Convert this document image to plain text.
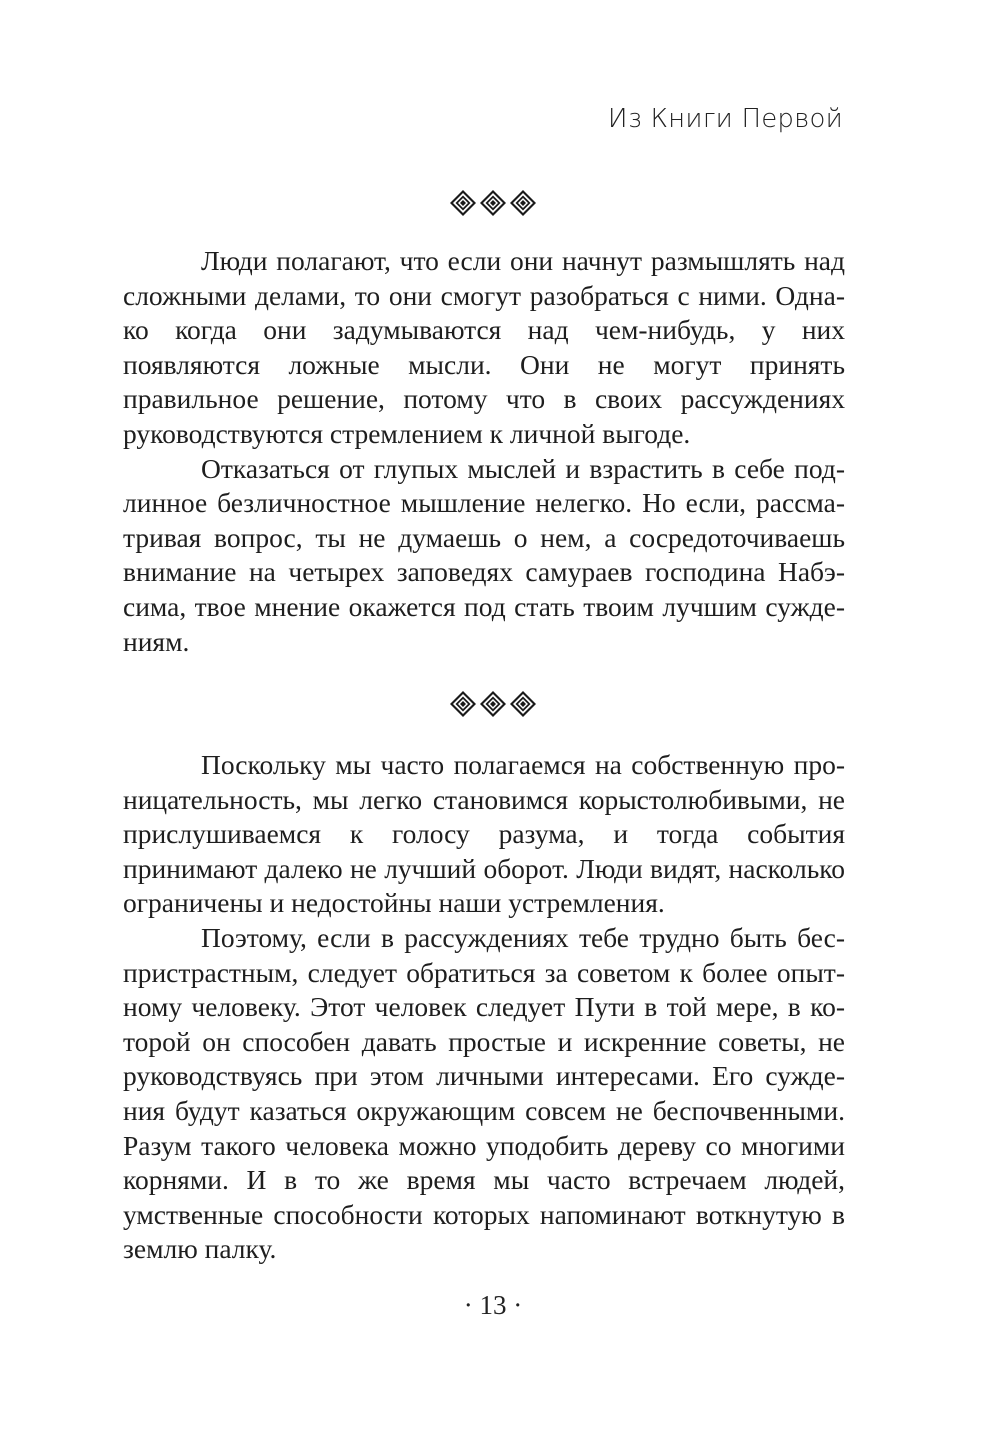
Из Книги Первой

Люди полагают, что если они начнут размышлять над сложными делами, то они смогут разобраться с ними. Однако когда они задумываются над чем-нибудь, у них появляются ложные мысли. Они не могут принять правильное решение, потому что в своих рассуждениях руководствуются стремлением к личной выгоде.

Отказаться от глупых мыслей и взрастить в себе подлинное безличностное мышление нелегко. Но если, рассматривая вопрос, ты не думаешь о нем, а сосредоточиваешь внимание на четырех заповедях самураев господина Набэсима, твое мнение окажется под стать твоим лучшим суждениям.

Поскольку мы часто полагаемся на собственную проницательность, мы легко становимся корыстолюбивыми, не прислушиваемся к голосу разума, и тогда события принимают далеко не лучший оборот. Люди видят, насколько ограничены и недостойны наши устремления.

Поэтому, если в рассуждениях тебе трудно быть беспристрастным, следует обратиться за советом к более опытному человеку. Этот человек следует Пути в той мере, в которой он способен давать простые и искренние советы, не руководствуясь при этом личными интересами. Его суждения будут казаться окружающим совсем не беспочвенными. Разум такого человека можно уподобить дереву со многими корнями. И в то же время мы часто встречаем людей, умственные способности которых напоминают воткнутую в землю палку.

· 13 ·
